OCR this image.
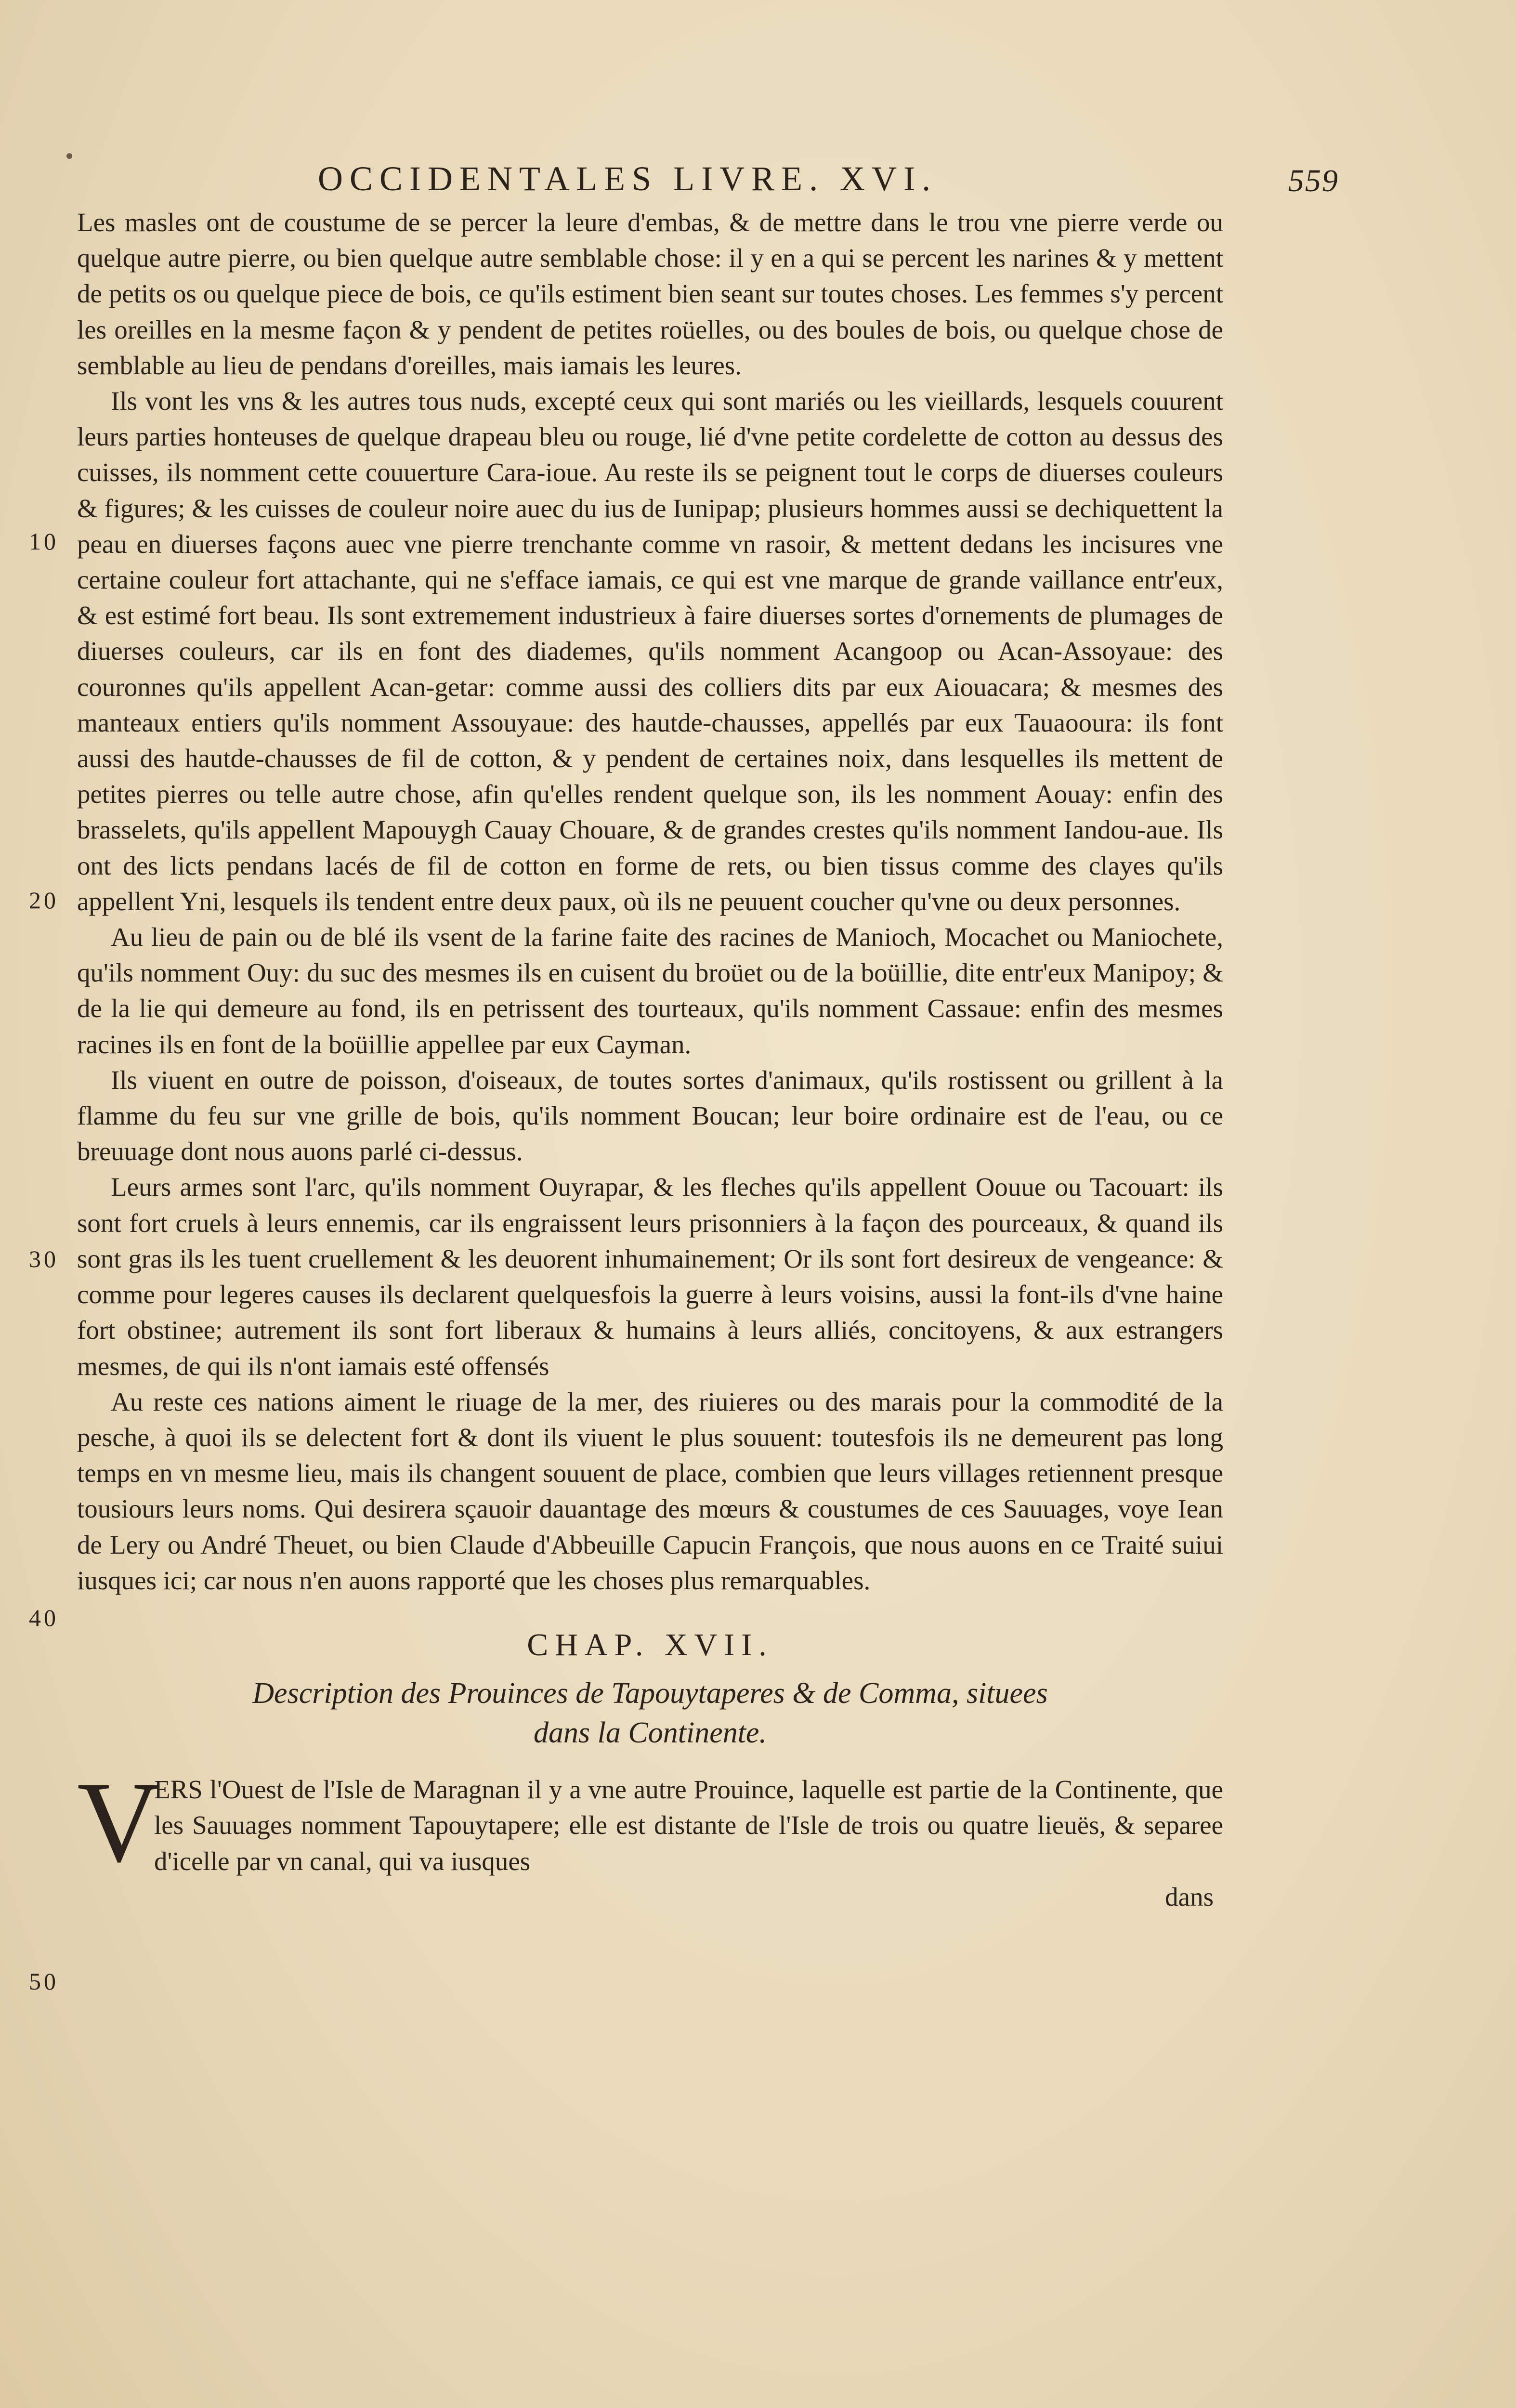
OCCIDENTALES LIVRE. XVI.	559
10
20
30
40
50

Les masles ont de coustume de se percer la leure d'embas, & de mettre dans le trou vne pierre verde ou quelque autre pierre, ou bien quelque autre semblable chose: il y en a qui se percent les narines & y mettent de petits os ou quelque piece de bois, ce qu'ils estiment bien seant sur toutes choses. Les femmes s'y percent les oreilles en la mesme façon & y pendent de petites roüelles, ou des boules de bois, ou quelque chose de semblable au lieu de pendans d'oreilles, mais iamais les leures.

Ils vont les vns & les autres tous nuds, excepté ceux qui sont mariés ou les vieillards, lesquels couurent leurs parties honteuses de quelque drapeau bleu ou rouge, lié d'vne petite cordelette de cotton au dessus des cuisses, ils nomment cette couuerture Cara-ioue. Au reste ils se peignent tout le corps de diuerses couleurs & figures; & les cuisses de couleur noire auec du ius de Iunipap; plusieurs hommes aussi se dechiquettent la peau en diuerses façons auec vne pierre trenchante comme vn rasoir, & mettent dedans les incisures vne certaine couleur fort attachante, qui ne s'efface iamais, ce qui est vne marque de grande vaillance entr'eux, & est estimé fort beau. Ils sont extremement industrieux à faire diuerses sortes d'ornements de plumages de diuerses couleurs, car ils en font des diademes, qu'ils nomment Acangoop ou Acan-Assoyaue: des couronnes qu'ils appellent Acan-getar: comme aussi des colliers dits par eux Aiouacara; & mesmes des manteaux entiers qu'ils nomment Assouyaue: des hautde-chausses, appellés par eux Tauaooura: ils font aussi des hautde-chausses de fil de cotton, & y pendent de certaines noix, dans lesquelles ils mettent de petites pierres ou telle autre chose, afin qu'elles rendent quelque son, ils les nomment Aouay: enfin des brasselets, qu'ils appellent Mapouygh Cauay Chouare, & de grandes crestes qu'ils nomment Iandou-aue. Ils ont des licts pendans lacés de fil de cotton en forme de rets, ou bien tissus comme des clayes qu'ils appellent Yni, lesquels ils tendent entre deux paux, où ils ne peuuent coucher qu'vne ou deux personnes.

Au lieu de pain ou de blé ils vsent de la farine faite des racines de Manioch, Mocachet ou Maniochete, qu'ils nomment Ouy: du suc des mesmes ils en cuisent du broüet ou de la boüillie, dite entr'eux Manipoy; & de la lie qui demeure au fond, ils en petrissent des tourteaux, qu'ils nomment Cassaue: enfin des mesmes racines ils en font de la boüillie appellee par eux Cayman.

Ils viuent en outre de poisson, d'oiseaux, de toutes sortes d'animaux, qu'ils rostissent ou grillent à la flamme du feu sur vne grille de bois, qu'ils nomment Boucan; leur boire ordinaire est de l'eau, ou ce breuuage dont nous auons parlé ci-dessus.

Leurs armes sont l'arc, qu'ils nomment Ouyrapar, & les fleches qu'ils appellent Oouue ou Tacouart: ils sont fort cruels à leurs ennemis, car ils engraissent leurs prisonniers à la façon des pourceaux, & quand ils sont gras ils les tuent cruellement & les deuorent inhumainement; Or ils sont fort desireux de vengeance: & comme pour legeres causes ils declarent quelquesfois la guerre à leurs voisins, aussi la font-ils d'vne haine fort obstinee; autrement ils sont fort liberaux & humains à leurs alliés, concitoyens, & aux estrangers mesmes, de qui ils n'ont iamais esté offensés

Au reste ces nations aiment le riuage de la mer, des riuieres ou des marais pour la commodité de la pesche, à quoi ils se delectent fort & dont ils viuent le plus souuent: toutesfois ils ne demeurent pas long temps en vn mesme lieu, mais ils changent souuent de place, combien que leurs villages retiennent presque tousiours leurs noms. Qui desirera sçauoir dauantage des mœurs & coustumes de ces Sauuages, voye Iean de Lery ou André Theuet, ou bien Claude d'Abbeuille Capucin François, que nous auons en ce Traité suiui iusques ici; car nous n'en auons rapporté que les choses plus remarquables.

CHAP. XVII.
Description des Prouinces de Tapouytaperes & de Comma, situees dans la Continente.
V

ERS l'Ouest de l'Isle de Maragnan il y a vne autre Prouince, laquelle est partie de la Continente, que les Sauuages nomment Tapouytapere; elle est distante de l'Isle de trois ou quatre lieuës, & separee d'icelle par vn canal, qui va iusques

dans
